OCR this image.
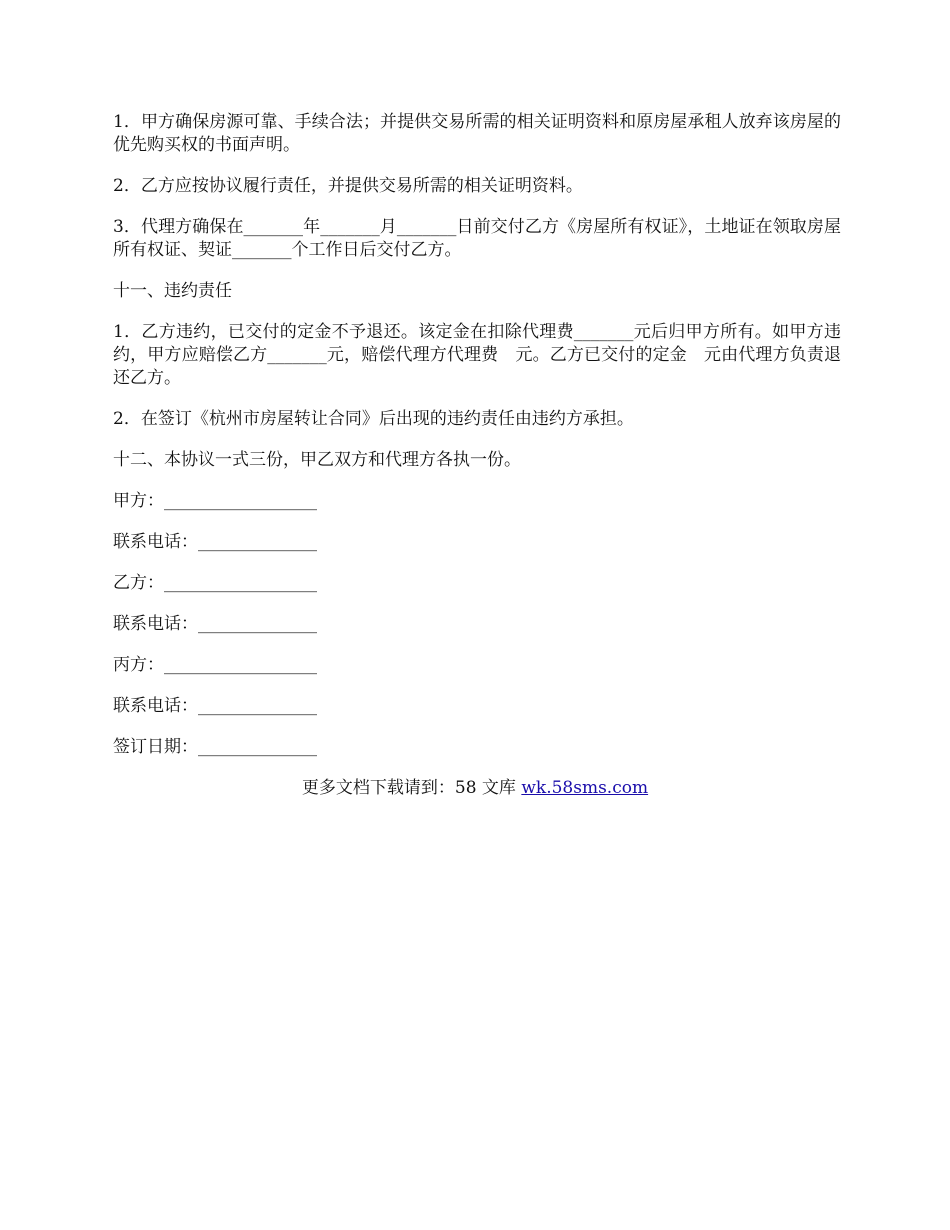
1．甲方确保房源可靠、手续合法；并提供交易所需的相关证明资料和原房屋承租人放弃该房屋的优先购买权的书面声明。

2．乙方应按协议履行责任，并提供交易所需的相关证明资料。

3．代理方确保在_______年_______月_______日前交付乙方《房屋所有权证》，土地证在领取房屋所有权证、契证_______个工作日后交付乙方。

十一、违约责任

1．乙方违约，已交付的定金不予退还。该定金在扣除代理费_______元后归甲方所有。如甲方违约，甲方应赔偿乙方_______元，赔偿代理方代理费　元。乙方已交付的定金　元由代理方负责退还乙方。

2．在签订《杭州市房屋转让合同》后出现的违约责任由违约方承担。

十二、本协议一式三份，甲乙双方和代理方各执一份。

甲方：__________________

联系电话：______________

乙方：__________________

联系电话：______________

丙方：__________________

联系电话：______________

签订日期：______________

更多文档下载请到：58 文库 wk.58sms.com
